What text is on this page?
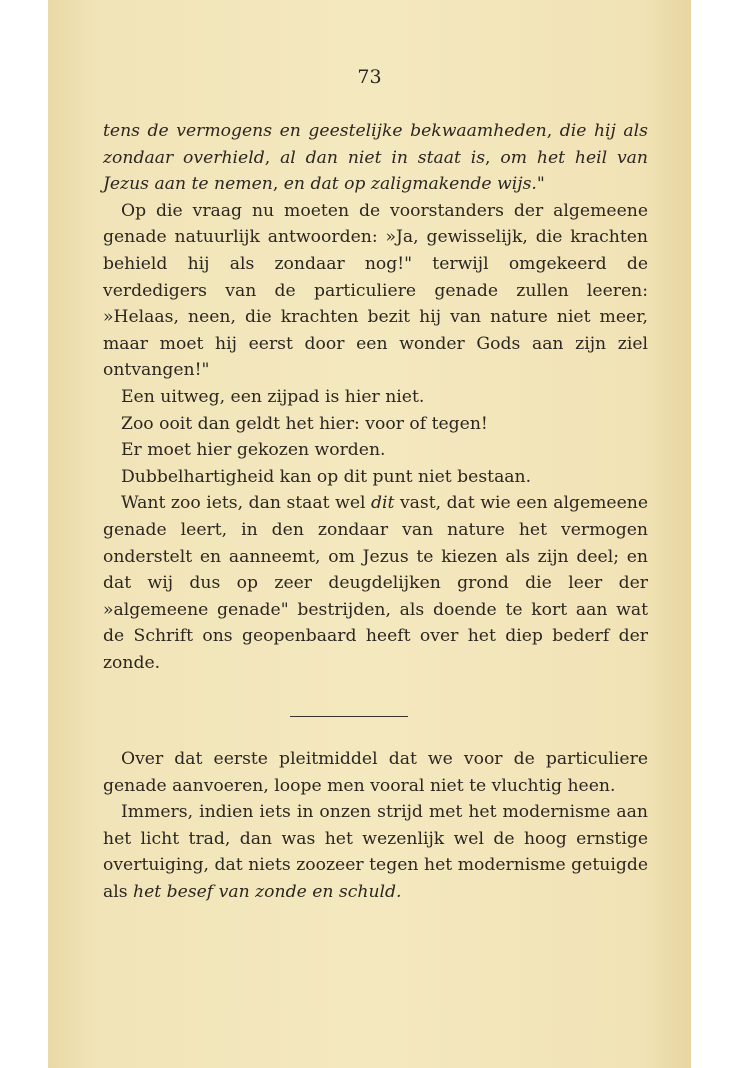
73

tens de vermogens en geestelijke bekwaamheden, die hij als zondaar overhield, al dan niet in staat is, om het heil van Jezus aan te nemen, en dat op zaligmakende wijs."

Op die vraag nu moeten de voorstanders der algemeene genade natuurlijk antwoorden: »Ja, gewisselijk, die krachten behield hij als zondaar nog!" terwijl omgekeerd de verdedigers van de particuliere genade zullen leeren: »Helaas, neen, die krachten bezit hij van nature niet meer, maar moet hij eerst door een wonder Gods aan zijn ziel ontvangen!"

Een uitweg, een zijpad is hier niet.

Zoo ooit dan geldt het hier: voor of tegen!

Er moet hier gekozen worden.

Dubbelhartigheid kan op dit punt niet bestaan.

Want zoo iets, dan staat wel dit vast, dat wie een algemeene genade leert, in den zondaar van nature het vermogen onderstelt en aanneemt, om Jezus te kiezen als zijn deel; en dat wij dus op zeer deugdelijken grond die leer der »algemeene genade" bestrijden, als doende te kort aan wat de Schrift ons geopenbaard heeft over het diep bederf der zonde.

Over dat eerste pleitmiddel dat we voor de particuliere genade aanvoeren, loope men vooral niet te vluchtig heen.

Immers, indien iets in onzen strijd met het modernisme aan het licht trad, dan was het wezenlijk wel de hoog ernstige overtuiging, dat niets zoozeer tegen het modernisme getuigde als het besef van zonde en schuld.
